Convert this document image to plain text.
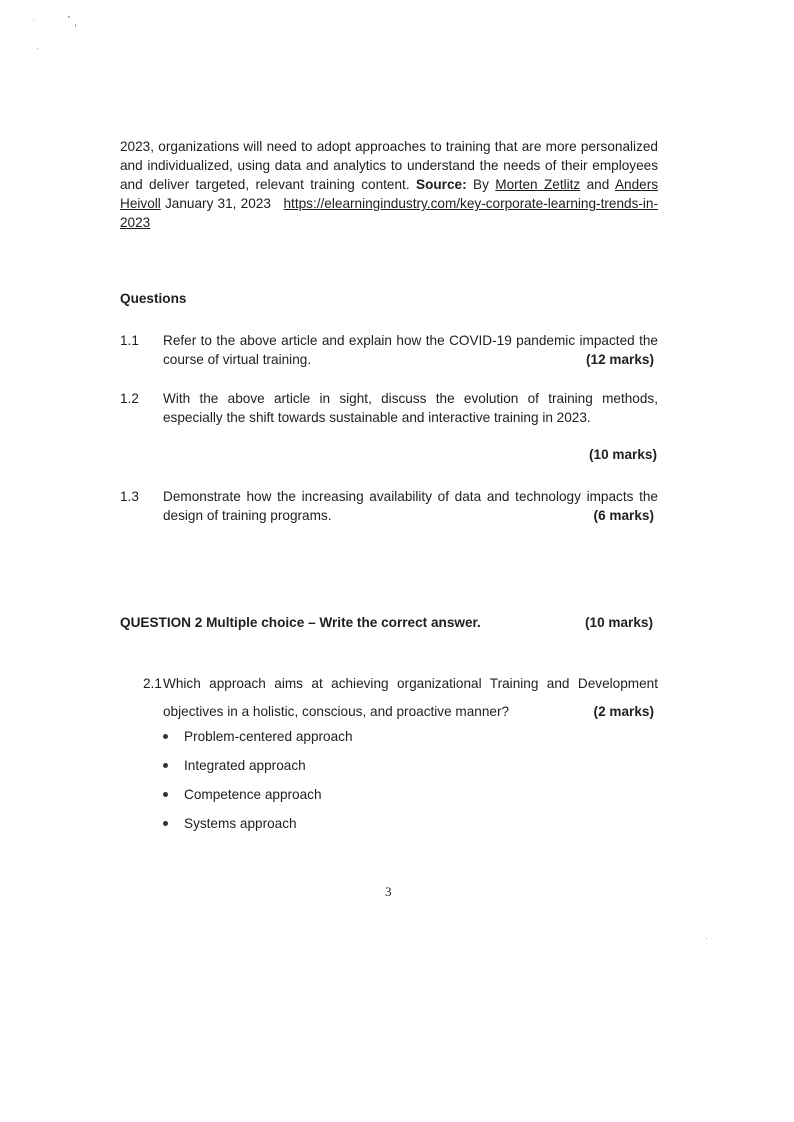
2023, organizations will need to adopt approaches to training that are more personalized and individualized, using data and analytics to understand the needs of their employees and deliver targeted, relevant training content. Source: By Morten Zetlitz and Anders Heivoll January 31, 2023 https://elearningindustry.com/key-corporate-learning-trends-in-2023
Questions
1.1 Refer to the above article and explain how the COVID-19 pandemic impacted the course of virtual training.	(12 marks)
1.2 With the above article in sight, discuss the evolution of training methods, especially the shift towards sustainable and interactive training in 2023.
(10 marks)
1.3 Demonstrate how the increasing availability of data and technology impacts the design of training programs.	(6 marks)
QUESTION 2 Multiple choice – Write the correct answer.	(10 marks)
2.1 Which approach aims at achieving organizational Training and Development
objectives in a holistic, conscious, and proactive manner?	(2 marks)
Problem-centered approach
Integrated approach
Competence approach
Systems approach
3
